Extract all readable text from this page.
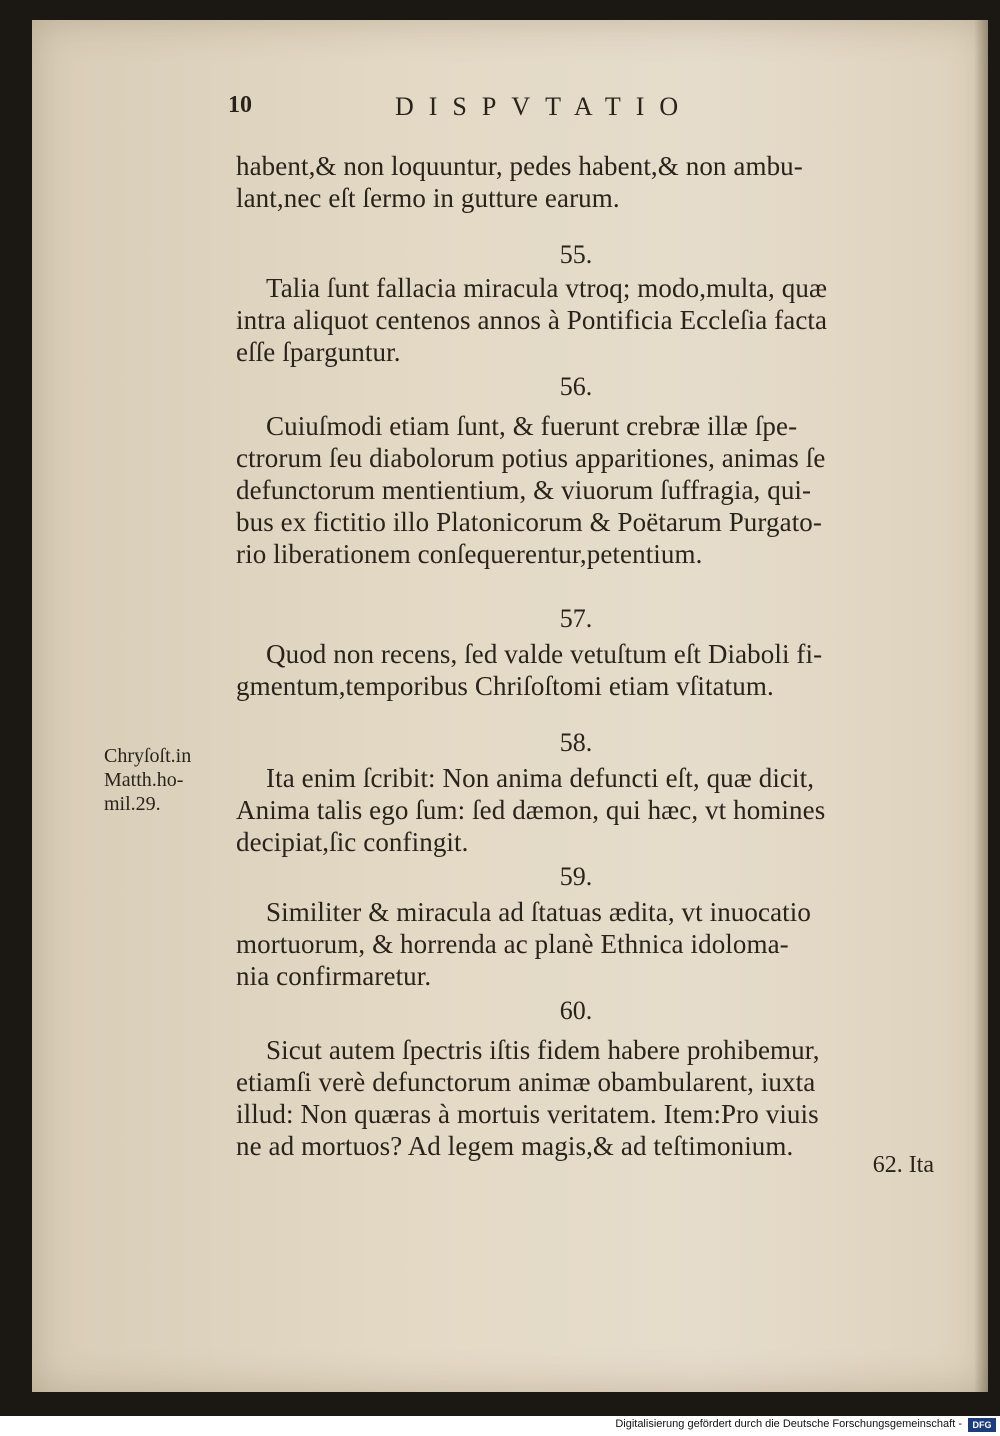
10	DISPVTATIO
habent,& non loquuntur, pedes habent,& non ambu-
lant,nec eſt ſermo in gutture earum.
55.
Talia ſunt fallacia miracula vtroq; modo,multa, quæ
intra aliquot centenos annos à Pontificia Eccleſia facta
eſſe ſparguntur.
56.
Cuiuſmodi etiam ſunt, & fuerunt crebræ illæ ſpe-
ctrorum ſeu diabolorum potius apparitiones, animas ſe
defunctorum mentientium, & viuorum ſuffragia, qui-
bus ex fictitio illo Platonicorum & Poëtarum Purgato-
rio liberationem conſequerentur,petentium.
57.
Quod non recens, ſed valde vetuſtum eſt Diaboli fi-
gmentum,temporibus Chriſoſtomi etiam vſitatum.
58.
Ita enim ſcribit: Non anima defuncti eſt, quæ dicit,
Anima talis ego ſum: ſed dæmon, qui hæc, vt homines
decipiat,ſic confingit.
Chryſoſt.in
Matth.ho-
mil.29.
59.
Similiter & miracula ad ſtatuas ædita, vt inuocatio
mortuorum, & horrenda ac planè Ethnica idoloma-
nia confirmaretur.
60.
Sicut autem ſpectris iſtis fidem habere prohibemur,
etiamſi verè defunctorum animæ obambularent, iuxta
illud: Non quæras à mortuis veritatem. Item:Pro viuis
ne ad mortuos? Ad legem magis,& ad teſtimonium.
62. Ita
Digitalisierung gefördert durch die Deutsche Forschungsgemeinschaft -	DFG
